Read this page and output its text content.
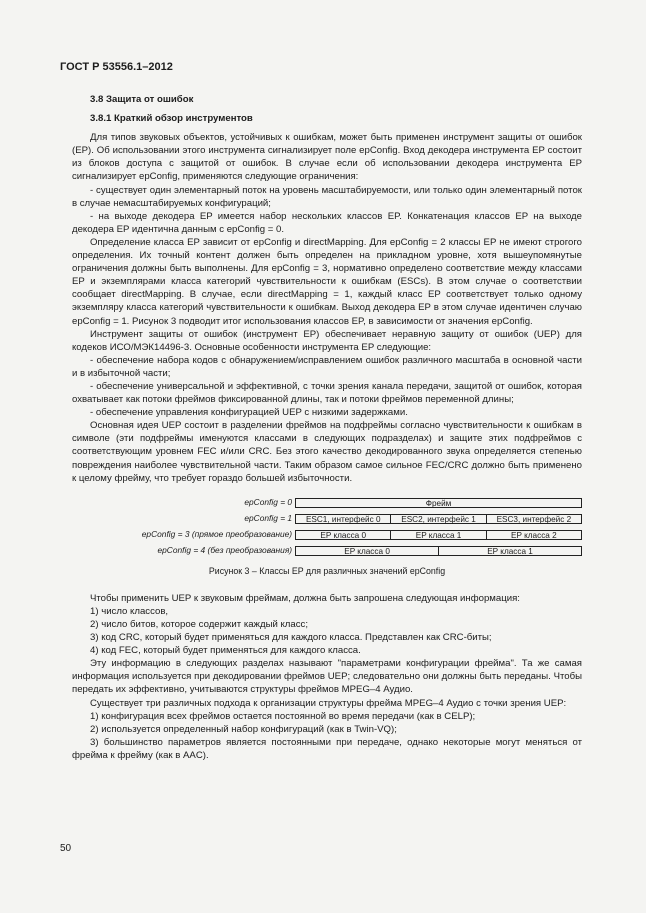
ГОСТ Р 53556.1–2012

3.8 Защита от ошибок

3.8.1 Краткий обзор инструментов

Для типов звуковых объектов, устойчивых к ошибкам, может быть применен инструмент защиты от ошибок (EP). Об использовании этого инструмента сигнализирует поле epConfig. Вход декодера инструмента EP состоит из блоков доступа с защитой от ошибок. В случае если об использовании декодера инструмента EP сигнализирует epConfig, применяются следующие ограничения:

- существует один элементарный поток на уровень масштабируемости, или только один элементарный поток в случае немасштабируемых конфигураций;

- на выходе декодера EP имеется набор нескольких классов EP. Конкатенация классов EP на выходе декодера EP идентична данным с epConfig = 0.

Определение класса EP зависит от epConfig и directMapping. Для epConfig = 2 классы EP не имеют строгого определения. Их точный контент должен быть определен на прикладном уровне, хотя вышеупомянутые ограничения должны быть выполнены. Для epConfig = 3, нормативно определено соответствие между классами EP и экземплярами класса категорий чувствительности к ошибкам (ESCs). В этом случае о соответствии сообщает directMapping. В случае, если directMapping = 1, каждый класс EP соответствует только одному экземпляру класса категорий чувствительности к ошибкам. Выход декодера EP в этом случае идентичен случаю epConfig = 1. Рисунок 3 подводит итог использования классов EP, в зависимости от значения epConfig.

Инструмент защиты от ошибок (инструмент EP) обеспечивает неравную защиту от ошибок (UEP) для кодеков ИСО/МЭК14496-3. Основные особенности инструмента EP следующие:

- обеспечение набора кодов с обнаружением/исправлением ошибок различного масштаба в основной части и в избыточной части;

- обеспечение универсальной и эффективной, с точки зрения канала передачи, защитой от ошибок, которая охватывает как потоки фреймов фиксированной длины, так и потоки фреймов переменной длины;

- обеспечение управления конфигурацией UEP с низкими задержками.

Основная идея UEP состоит в разделении фреймов на подфреймы согласно чувствительности к ошибкам в символе (эти подфреймы именуются классами в следующих подразделах) и защите этих подфреймов с соответствующим уровнем FEC и/или CRC. Без этого качество декодированного звука определяется степенью повреждения наиболее чувствительной части. Таким образом самое сильное FEC/CRC должно быть применено к целому фрейму, что требует гораздо большей избыточности.

epConfig = 0	Фрейм
epConfig = 1	ESC1, интерфейс 0	ESC2, интерфейс 1	ESC3, интерфейс 2
epConfig = 3 (прямое преобразование)	EP класса 0	EP класса 1	EP класса 2
epConfig = 4 (без преобразования)	EP класса 0	EP класса 1
Рисунок 3 – Классы EP для различных значений epConfig

Чтобы применить UEP к звуковым фреймам, должна быть запрошена следующая информация:

1) число классов,

2) число битов, которое содержит каждый класс;

3) код CRC, который будет применяться для каждого класса. Представлен как CRC-биты;

4) код FEC, который будет применяться для каждого класса.

Эту информацию в следующих разделах называют "параметрами конфигурации фрейма". Та же самая информация используется при декодировании фреймов UEP; следовательно они должны быть переданы. Чтобы передать их эффективно, учитываются структуры фреймов MPEG–4 Аудио.

Существует три различных подхода к организации структуры фрейма MPEG–4 Аудио с точки зрения UEP:

1) конфигурация всех фреймов остается постоянной во время передачи (как в CELP);

2) используется определенный набор конфигураций (как в Twin-VQ);

3) большинство параметров является постоянными при передаче, однако некоторые могут меняться от фрейма к фрейму (как в AAC).

50
